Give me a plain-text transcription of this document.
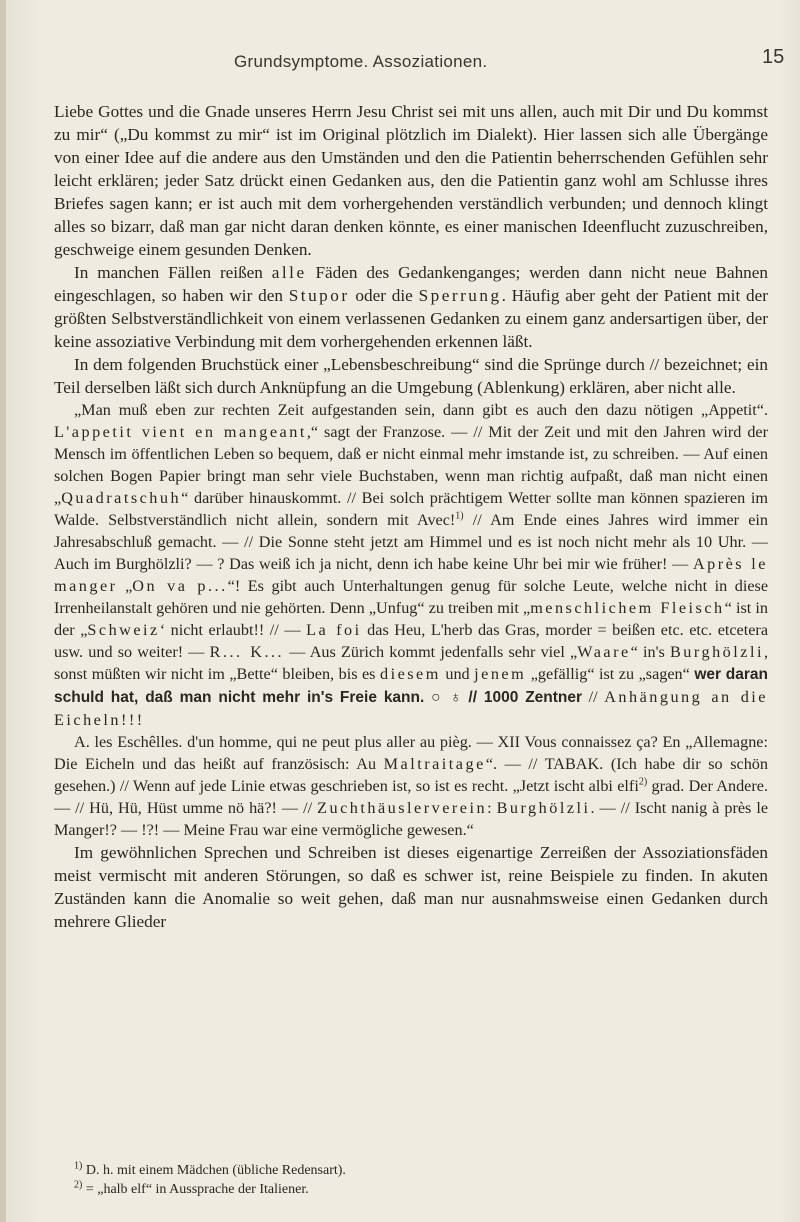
Grundsymptome. Assoziationen.	15

Liebe Gottes und die Gnade unseres Herrn Jesu Christ sei mit uns allen, auch mit Dir und Du kommst zu mir“ („Du kommst zu mir“ ist im Original plötzlich im Dialekt). Hier lassen sich alle Übergänge von einer Idee auf die andere aus den Umständen und den die Patientin beherrschenden Gefühlen sehr leicht erklären; jeder Satz drückt einen Gedanken aus, den die Patientin ganz wohl am Schlusse ihres Briefes sagen kann; er ist auch mit dem vorhergehenden verständlich verbunden; und dennoch klingt alles so bizarr, daß man gar nicht daran denken könnte, es einer manischen Ideenflucht zuzuschreiben, geschweige einem gesunden Denken.

In manchen Fällen reißen alle Fäden des Gedankenganges; werden dann nicht neue Bahnen eingeschlagen, so haben wir den Stupor oder die Sperrung. Häufig aber geht der Patient mit der größten Selbstverständlichkeit von einem verlassenen Gedanken zu einem ganz andersartigen über, der keine assoziative Verbindung mit dem vorhergehenden erkennen läßt.

In dem folgenden Bruchstück einer „Lebensbeschreibung“ sind die Sprünge durch // bezeichnet; ein Teil derselben läßt sich durch Anknüpfung an die Umgebung (Ablenkung) erklären, aber nicht alle.

„Man muß eben zur rechten Zeit aufgestanden sein, dann gibt es auch den dazu nötigen „Appetit“. L'appetit vient en mangeant,“ sagt der Franzose. — // Mit der Zeit und mit den Jahren wird der Mensch im öffentlichen Leben so bequem, daß er nicht einmal mehr imstande ist, zu schreiben. — Auf einen solchen Bogen Papier bringt man sehr viele Buchstaben, wenn man richtig aufpaßt, daß man nicht einen „Quadratschuh“ darüber hinauskommt. // Bei solch prächtigem Wetter sollte man können spazieren im Walde. Selbstverständlich nicht allein, sondern mit Avec!$^{1)}$ // Am Ende eines Jahres wird immer ein Jahresabschluß gemacht. — // Die Sonne steht jetzt am Himmel und es ist noch nicht mehr als 10 Uhr. — Auch im Burghölzli? — ? Das weiß ich ja nicht, denn ich habe keine Uhr bei mir wie früher! — Après le manger „On va p...“! Es gibt auch Unterhaltungen genug für solche Leute, welche nicht in diese Irrenheilanstalt gehören und nie gehörten. Denn „Unfug“ zu treiben mit „menschlichem Fleisch“ ist in der „Schweiz‘ nicht erlaubt!! // — La foi das Heu, L'herb das Gras, morder = beißen etc. etc. etcetera usw. und so weiter! — R... K... — Aus Zürich kommt jedenfalls sehr viel „Waare“ in's Burghölzli, sonst müßten wir nicht im „Bette“ bleiben, bis es diesem und jenem „gefällig“ ist zu „sagen“ wer daran schuld hat, daß man nicht mehr in's Freie kann. ○ ♁ // 1000 Zentner // Anhängung an die Eicheln!!!

A. les Eschêlles. d'un homme, qui ne peut plus aller au pièg. — XII Vous connaissez ça? En „Allemagne: Die Eicheln und das heißt auf französisch: Au Maltraitage“. — // TABAK. (Ich habe dir so schön gesehen.) // Wenn auf jede Linie etwas geschrieben ist, so ist es recht. „Jetzt ischt albi elfi$^{2)}$ grad. Der Andere. — // Hü, Hü, Hüst umme nö hä?! — // Zuchthäuslerverein: Burghölzli. — // Ischt nanig à près le Manger!? — !?! — Meine Frau war eine vermögliche gewesen.“

Im gewöhnlichen Sprechen und Schreiben ist dieses eigenartige Zerreißen der Assoziationsfäden meist vermischt mit anderen Störungen, so daß es schwer ist, reine Beispiele zu finden. In akuten Zuständen kann die Anomalie so weit gehen, daß man nur ausnahmsweise einen Gedanken durch mehrere Glieder

$^{1)}$ D. h. mit einem Mädchen (übliche Redensart).

$^{2)}$ = „halb elf“ in Aussprache der Italiener.
